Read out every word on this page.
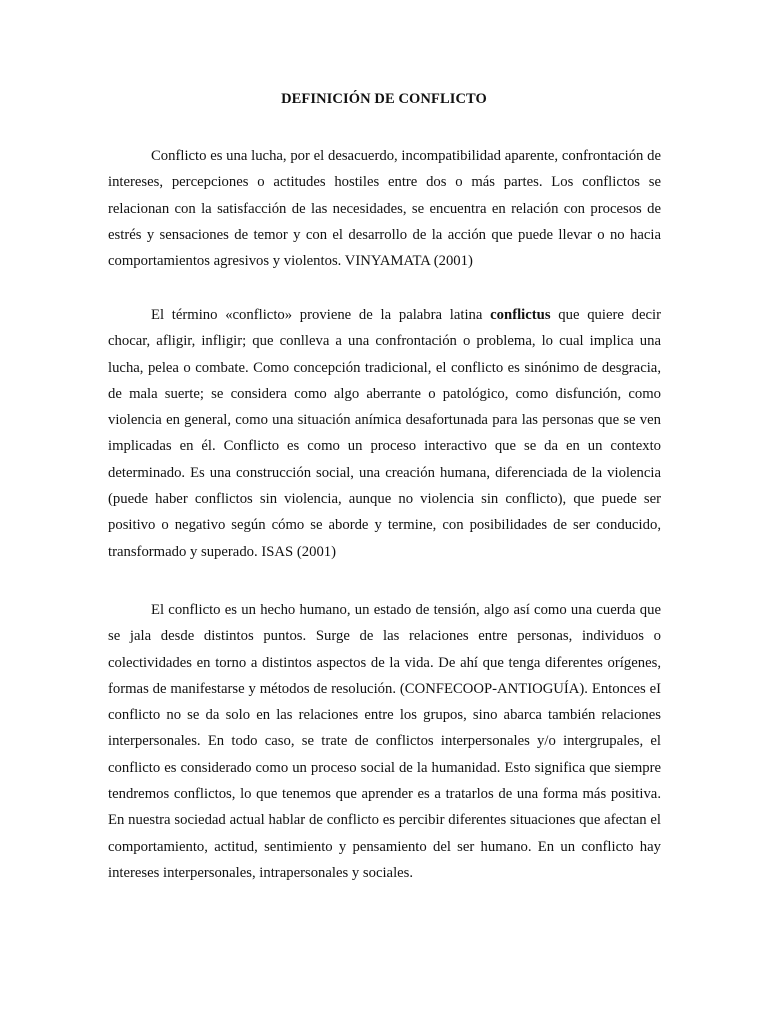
DEFINICIÓN DE CONFLICTO

Conflicto es una lucha, por el desacuerdo, incompatibilidad aparente, confrontación de intereses, percepciones o actitudes hostiles entre dos o más partes. Los conflictos se relacionan con la satisfacción de las necesidades, se encuentra en relación con procesos de estrés y sensaciones de temor y con el desarrollo de la acción que puede llevar o no hacia comportamientos agresivos y violentos. VINYAMATA (2001)

El término «conflicto» proviene de la palabra latina conflictus que quiere decir chocar, afligir, infligir; que conlleva a una confrontación o problema, lo cual implica una lucha, pelea o combate. Como concepción tradicional, el conflicto es sinónimo de desgracia, de mala suerte; se considera como algo aberrante o patológico, como disfunción, como violencia en general, como una situación anímica desafortunada para las personas que se ven implicadas en él. Conflicto es como un proceso interactivo que se da en un contexto determinado. Es una construcción social, una creación humana, diferenciada de la violencia (puede haber conflictos sin violencia, aunque no violencia sin conflicto), que puede ser positivo o negativo según cómo se aborde y termine, con posibilidades de ser conducido, transformado y superado. ISAS (2001)

El conflicto es un hecho humano, un estado de tensión, algo así como una cuerda que se jala desde distintos puntos. Surge de las relaciones entre personas, individuos o colectividades en torno a distintos aspectos de la vida. De ahí que tenga diferentes orígenes, formas de manifestarse y métodos de resolución. (CONFECOOP-ANTIOGUÍA). Entonces eI conflicto no se da solo en las relaciones entre los grupos, sino abarca también relaciones interpersonales. En todo caso, se trate de conflictos interpersonales y/o intergrupales, el conflicto es considerado como un proceso social de la humanidad. Esto significa que siempre tendremos conflictos, lo que tenemos que aprender es a tratarlos de una forma más positiva. En nuestra sociedad actual hablar de conflicto es percibir diferentes situaciones que afectan el comportamiento, actitud, sentimiento y pensamiento del ser humano. En un conflicto hay intereses interpersonales, intrapersonales y sociales.
